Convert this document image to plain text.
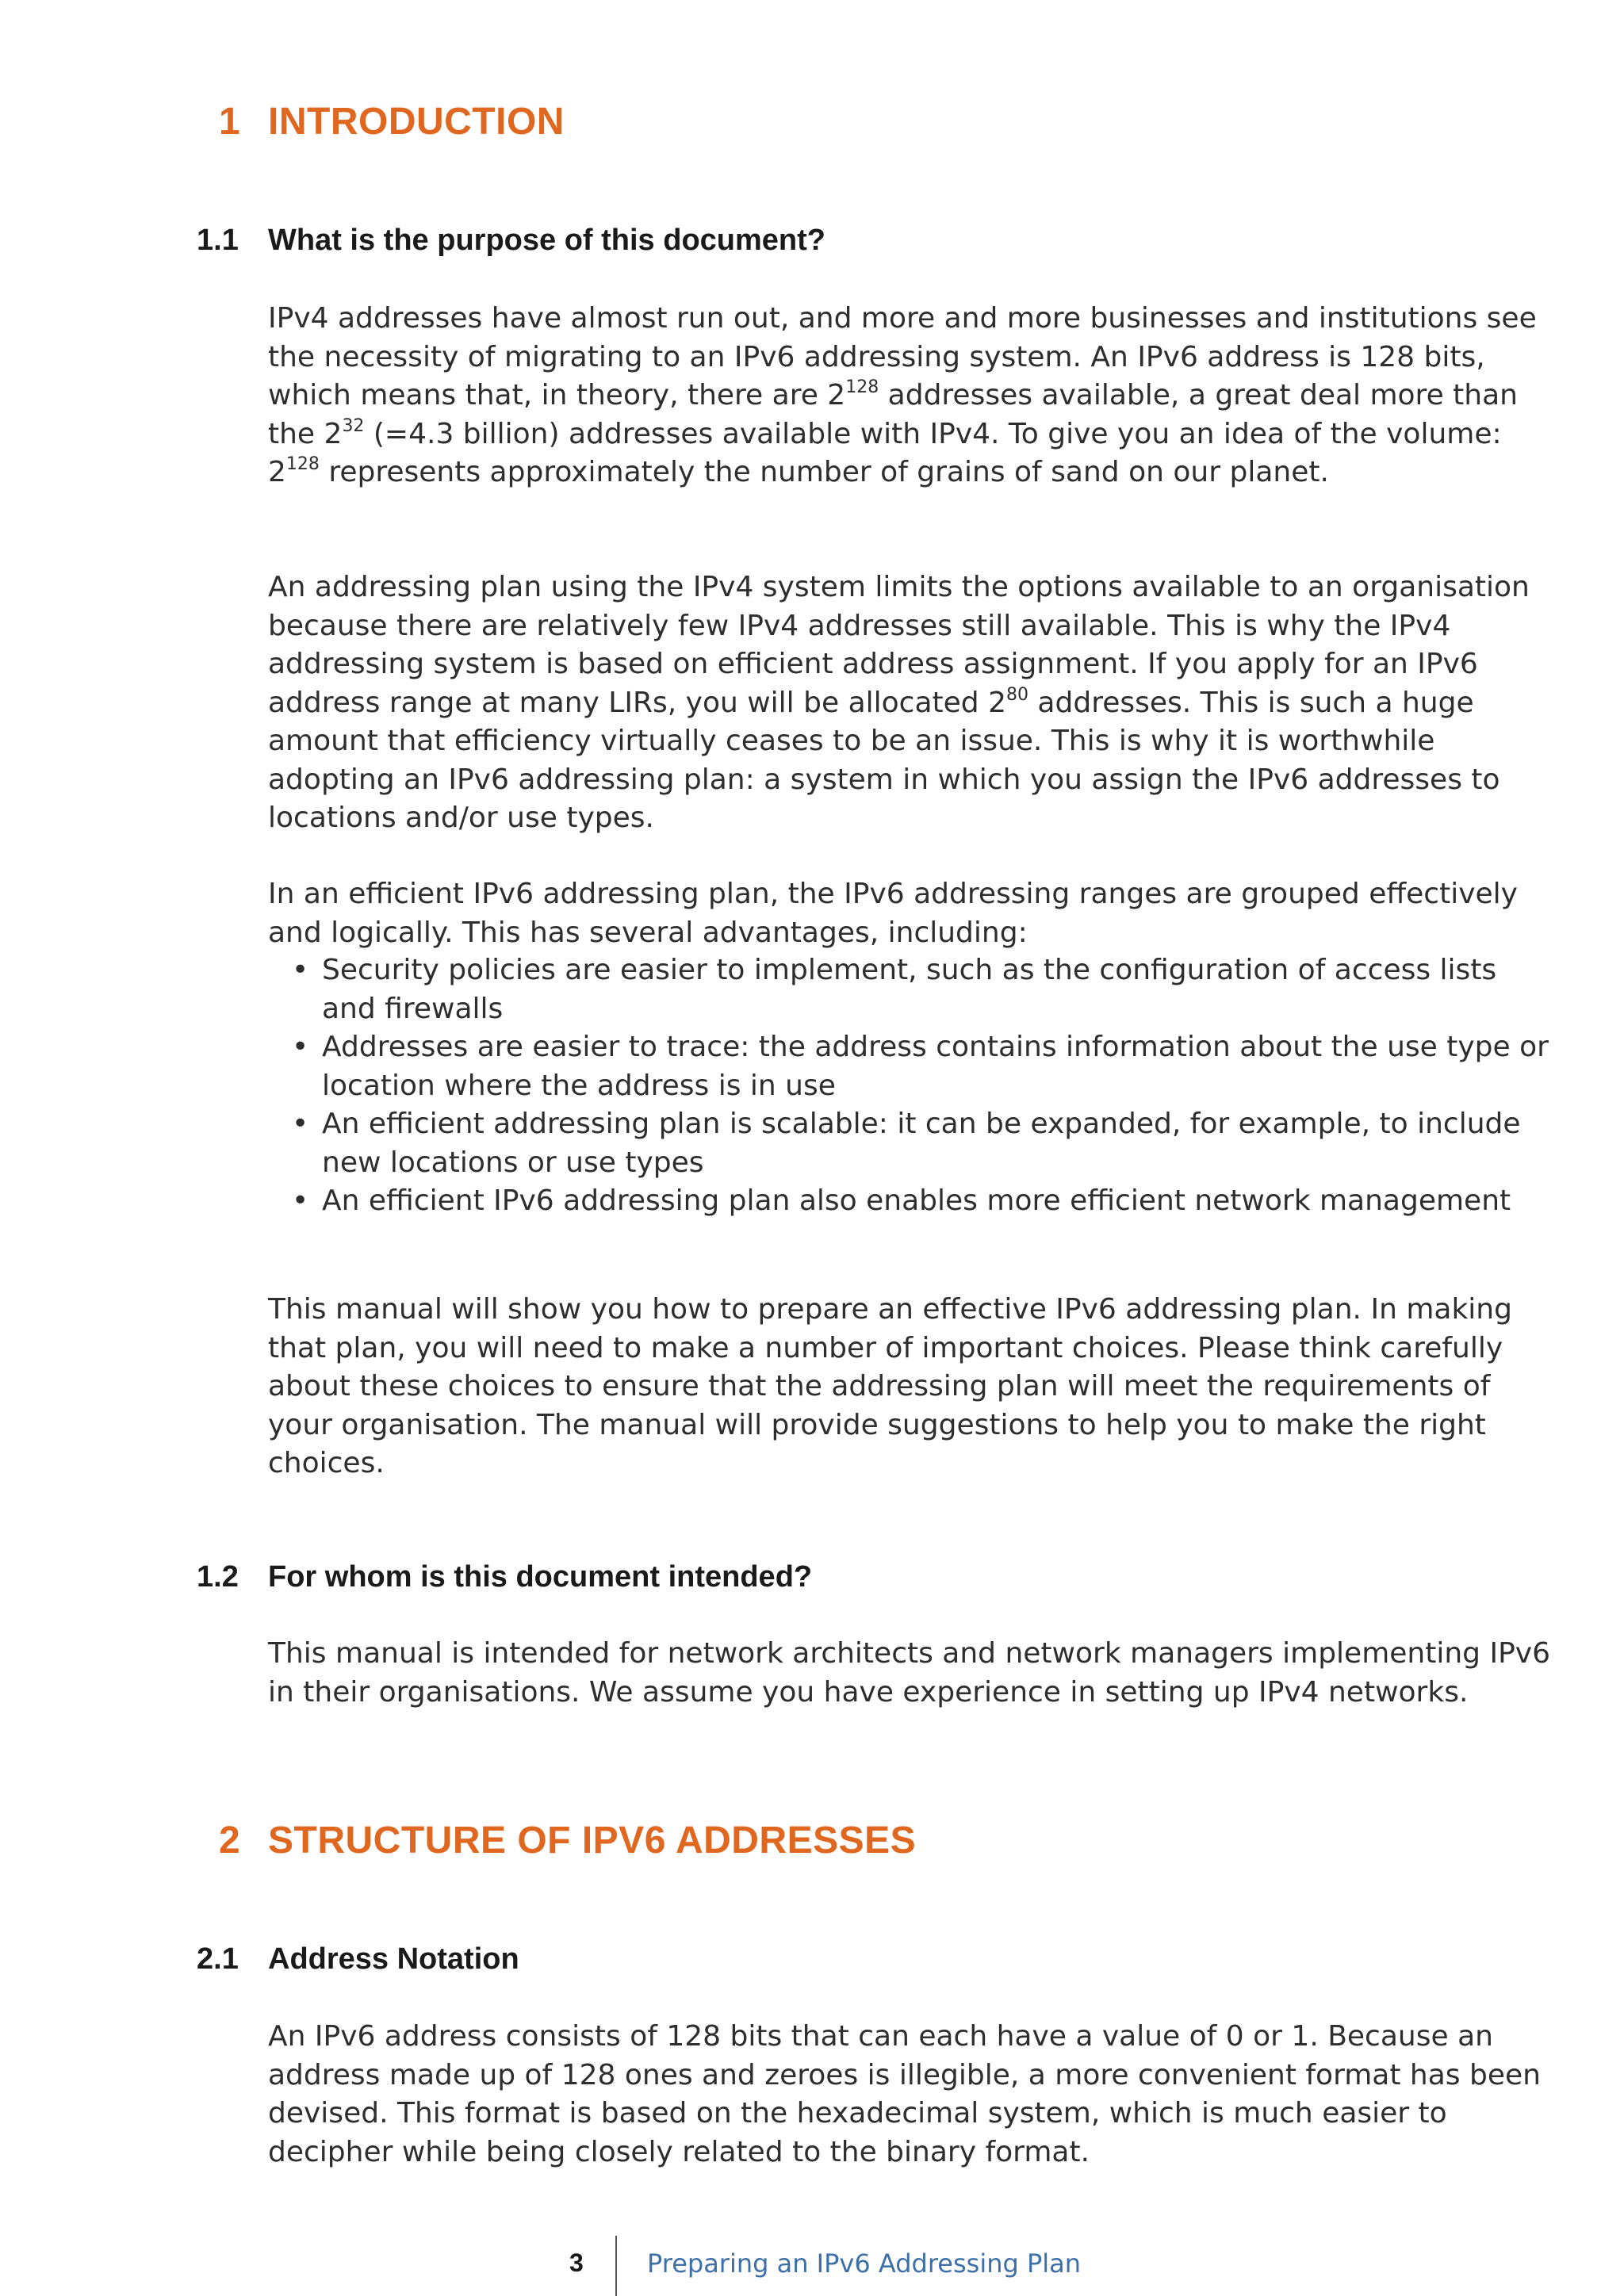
1 INTRODUCTION
1.1 What is the purpose of this document?

IPv4 addresses have almost run out, and more and more businesses and institutions see the necessity of migrating to an IPv6 addressing system. An IPv6 address is 128 bits, which means that, in theory, there are $2^{128}$ addresses available, a great deal more than the $2^{32}$ (=4.3 billion) addresses available with IPv4. To give you an idea of the volume: $2^{128}$ represents approximately the number of grains of sand on our planet.

An addressing plan using the IPv4 system limits the options available to an organisation because there are relatively few IPv4 addresses still available. This is why the IPv4 addressing system is based on efficient address assignment. If you apply for an IPv6 address range at many LIRs, you will be allocated $2^{80}$ addresses. This is such a huge amount that efficiency virtually ceases to be an issue. This is why it is worthwhile adopting an IPv6 addressing plan: a system in which you assign the IPv6 addresses to locations and/or use types.

In an efficient IPv6 addressing plan, the IPv6 addressing ranges are grouped effectively and logically. This has several advantages, including:

• Security policies are easier to implement, such as the configuration of access lists and firewalls
• Addresses are easier to trace: the address contains information about the use type or location where the address is in use
• An efficient addressing plan is scalable: it can be expanded, for example, to include new locations or use types
• An efficient IPv6 addressing plan also enables more efficient network management

This manual will show you how to prepare an effective IPv6 addressing plan. In making that plan, you will need to make a number of important choices. Please think carefully about these choices to ensure that the addressing plan will meet the requirements of your organisation. The manual will provide suggestions to help you to make the right choices.

1.2 For whom is this document intended?

This manual is intended for network architects and network managers implementing IPv6 in their organisations. We assume you have experience in setting up IPv4 networks.

2 STRUCTURE OF IPV6 ADDRESSES
2.1 Address Notation

An IPv6 address consists of 128 bits that can each have a value of 0 or 1. Because an address made up of 128 ones and zeroes is illegible, a more convenient format has been devised. This format is based on the hexadecimal system, which is much easier to decipher while being closely related to the binary format.

3	Preparing an IPv6 Addressing Plan
